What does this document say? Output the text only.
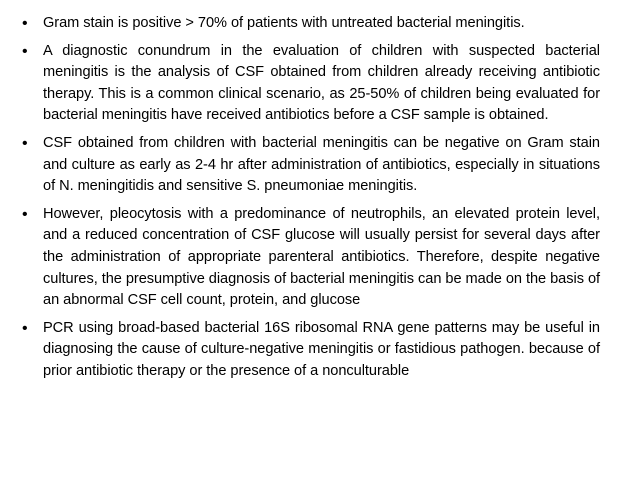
• Gram stain is positive > 70% of patients with untreated bacterial meningitis.
• A diagnostic conundrum in the evaluation of children with suspected bacterial meningitis is the analysis of CSF obtained from children already receiving antibiotic therapy. This is a common clinical scenario, as 25-50% of children being evaluated for bacterial meningitis have received antibiotics before a CSF sample is obtained.
• CSF obtained from children with bacterial meningitis can be negative on Gram stain and culture as early as 2-4 hr after administration of antibiotics, especially in situations of N. meningitidis and sensitive S. pneumoniae meningitis.
• However, pleocytosis with a predominance of neutrophils, an elevated protein level, and a reduced concentration of CSF glucose will usually persist for several days after the administration of appropriate parenteral antibiotics. Therefore, despite negative cultures, the presumptive diagnosis of bacterial meningitis can be made on the basis of an abnormal CSF cell count, protein, and glucose
• PCR using broad-based bacterial 16S ribosomal RNA gene patterns may be useful in diagnosing the cause of culture-negative meningitis or fastidious pathogen. because of prior antibiotic therapy or the presence of a nonculturable
